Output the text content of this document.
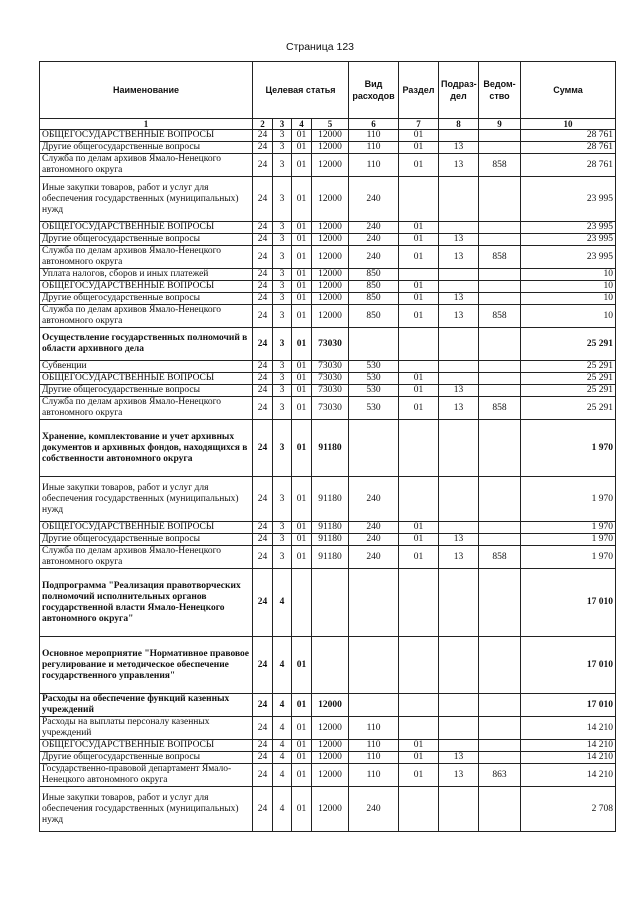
Страница 123
Наименование	Целевая статья				Вид расходов	Раздел	Подраз-дел	Ведом-ство	Сумма
1	2	3	4	5	6	7	8	9	10
ОБЩЕГОСУДАРСТВЕННЫЕ ВОПРОСЫ	24	3	01	12000	110	01			28 761
Другие общегосударственные вопросы	24	3	01	12000	110	01	13		28 761
Служба по делам архивов Ямало-Ненецкого автономного округа	24	3	01	12000	110	01	13	858	28 761
Иные закупки товаров, работ и услуг для обеспечения государственных (муниципальных) нужд	24	3	01	12000	240				23 995
ОБЩЕГОСУДАРСТВЕННЫЕ ВОПРОСЫ	24	3	01	12000	240	01			23 995
Другие общегосударственные вопросы	24	3	01	12000	240	01	13		23 995
Служба по делам архивов Ямало-Ненецкого автономного округа	24	3	01	12000	240	01	13	858	23 995
Уплата налогов, сборов и иных платежей	24	3	01	12000	850				10
ОБЩЕГОСУДАРСТВЕННЫЕ ВОПРОСЫ	24	3	01	12000	850	01			10
Другие общегосударственные вопросы	24	3	01	12000	850	01	13		10
Служба по делам архивов Ямало-Ненецкого автономного округа	24	3	01	12000	850	01	13	858	10
Осуществление государственных полномочий в области архивного дела	24	3	01	73030					25 291
Субвенции	24	3	01	73030	530				25 291
ОБЩЕГОСУДАРСТВЕННЫЕ ВОПРОСЫ	24	3	01	73030	530	01			25 291
Другие общегосударственные вопросы	24	3	01	73030	530	01	13		25 291
Служба по делам архивов Ямало-Ненецкого автономного округа	24	3	01	73030	530	01	13	858	25 291
Хранение, комплектование и учет архивных документов и архивных фондов, находящихся в собственности автономного округа	24	3	01	91180					1 970
Иные закупки товаров, работ и услуг для обеспечения государственных (муниципальных) нужд	24	3	01	91180	240				1 970
ОБЩЕГОСУДАРСТВЕННЫЕ ВОПРОСЫ	24	3	01	91180	240	01			1 970
Другие общегосударственные вопросы	24	3	01	91180	240	01	13		1 970
Служба по делам архивов Ямало-Ненецкого автономного округа	24	3	01	91180	240	01	13	858	1 970
Подпрограмма "Реализация правотворческих полномочий исполнительных органов государственной власти Ямало-Ненецкого автономного округа"	24	4							17 010
Основное мероприятие "Нормативное правовое регулирование и методическое обеспечение государственного управления"	24	4	01						17 010
Расходы на обеспечение функций казенных учреждений	24	4	01	12000					17 010
Расходы на выплаты персоналу казенных учреждений	24	4	01	12000	110				14 210
ОБЩЕГОСУДАРСТВЕННЫЕ ВОПРОСЫ	24	4	01	12000	110	01			14 210
Другие общегосударственные вопросы	24	4	01	12000	110	01	13		14 210
Государственно-правовой департамент Ямало-Ненецкого автономного округа	24	4	01	12000	110	01	13	863	14 210
Иные закупки товаров, работ и услуг для обеспечения государственных (муниципальных) нужд	24	4	01	12000	240				2 708
